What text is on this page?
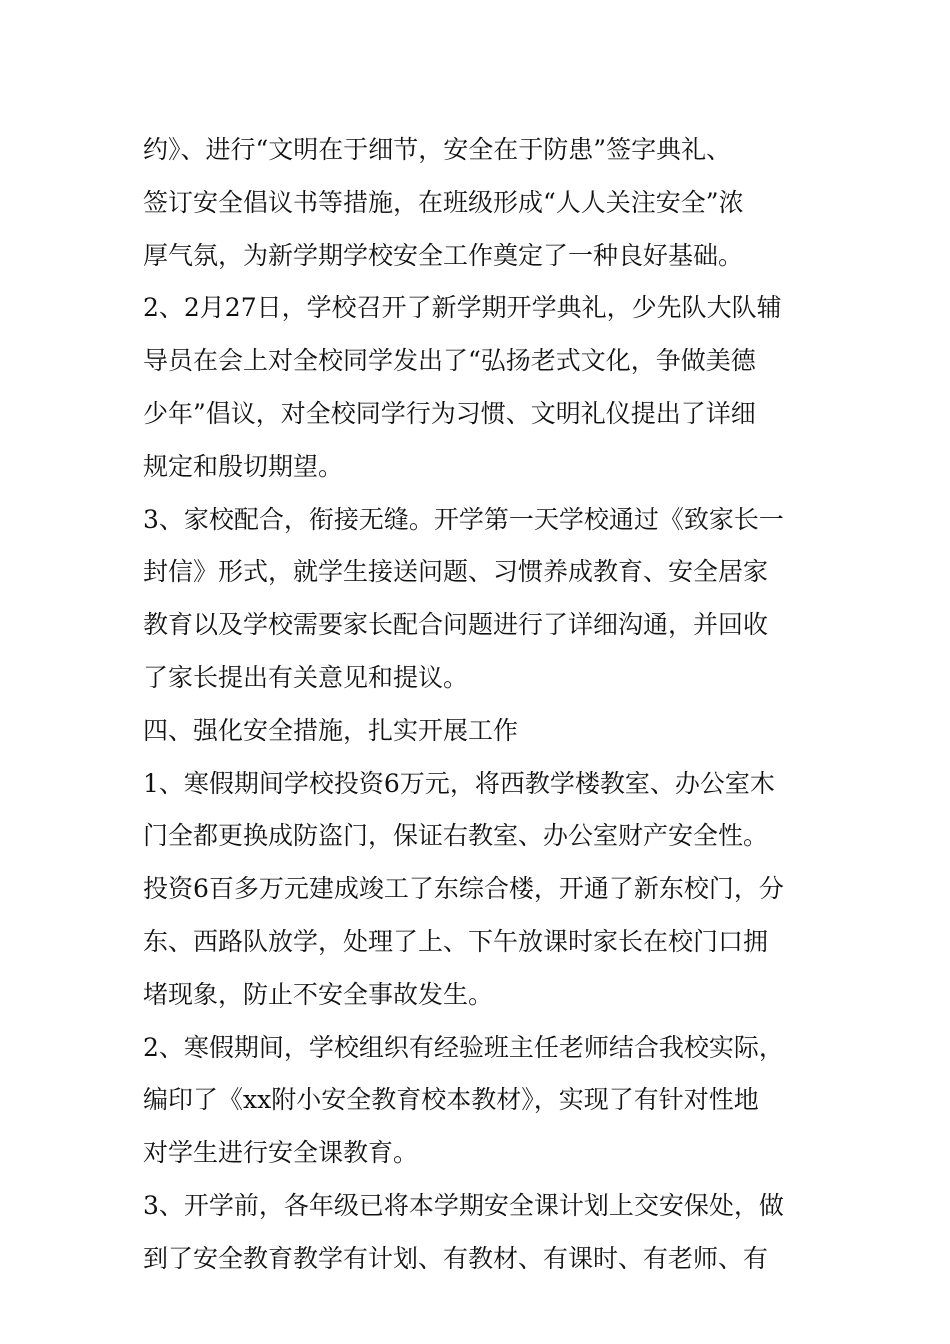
约》、进行“文明在于细节，安全在于防患”签字典礼、
签订安全倡议书等措施，在班级形成“人人关注安全”浓
厚气氛，为新学期学校安全工作奠定了一种良好基础。
2、2月27日，学校召开了新学期开学典礼，少先队大队辅
导员在会上对全校同学发出了“弘扬老式文化，争做美德
少年”倡议，对全校同学行为习惯、文明礼仪提出了详细
规定和殷切期望。
3、家校配合，衔接无缝。开学第一天学校通过《致家长一
封信》形式，就学生接送问题、习惯养成教育、安全居家
教育以及学校需要家长配合问题进行了详细沟通，并回收
了家长提出有关意见和提议。
四、强化安全措施，扎实开展工作
1、寒假期间学校投资6万元，将西教学楼教室、办公室木
门全都更换成防盗门，保证右教室、办公室财产安全性。
投资6百多万元建成竣工了东综合楼，开通了新东校门，分
东、西路队放学，处理了上、下午放课时家长在校门口拥
堵现象，防止不安全事故发生。
2、寒假期间，学校组织有经验班主任老师结合我校实际，
编印了《xx附小安全教育校本教材》，实现了有针对性地
对学生进行安全课教育。
3、开学前，各年级已将本学期安全课计划上交安保处，做
到了安全教育教学有计划、有教材、有课时、有老师、有
